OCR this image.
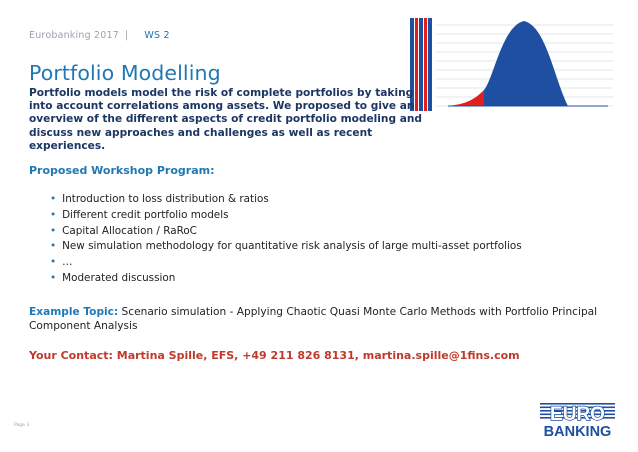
Eurobanking 2017 | WS 2
Portfolio Modelling
Portfolio models model the risk of complete portfolios by taking into account correlations among assets. We proposed to give an overview of the different aspects of credit portfolio modeling and discuss new approaches and challenges as well as recent experiences.
Proposed Workshop Program:
• Introduction to loss distribution & ratios
• Different credit portfolio models
• Capital Allocation / RaRoC
• New simulation methodology for quantitative risk analysis of large multi-asset portfolios
• …
• Moderated discussion
Example Topic: Scenario simulation - Applying Chaotic Quasi Monte Carlo Methods with Portfolio Principal Component Analysis
Your Contact: Martina Spille, EFS, +49 211 826 8131, martina.spille@1fins.com
Page 3
EURO
BANKING
